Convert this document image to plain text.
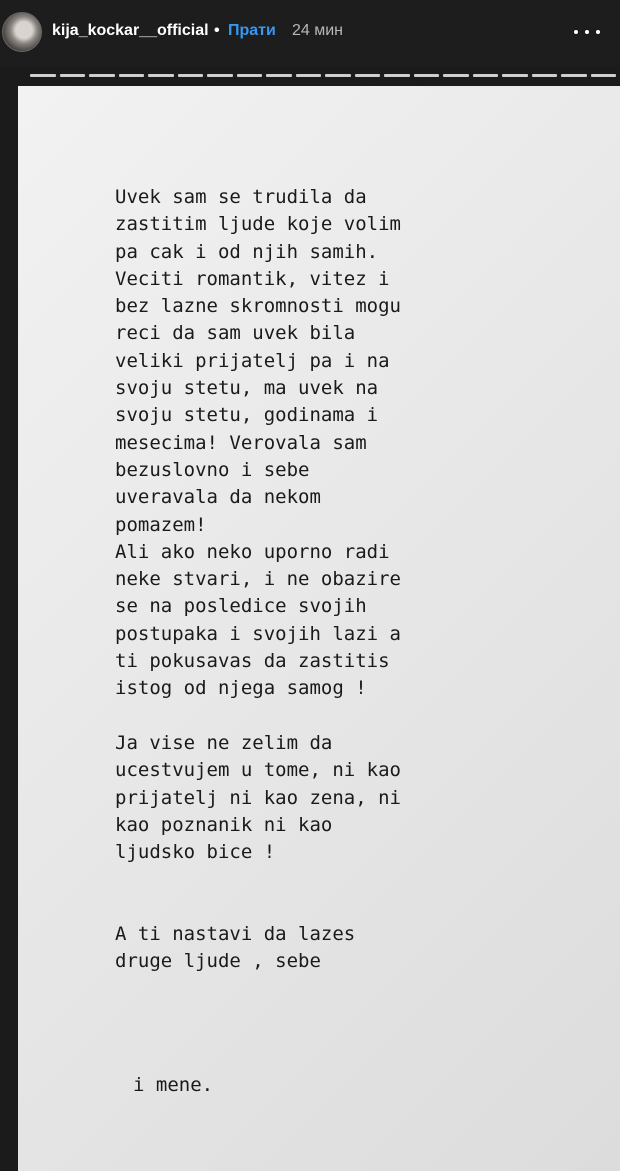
kija_kockar__official • Прати 24 мин
Uvek sam se trudila da
zastitim ljude koje volim
pa cak i od njih samih.
Veciti romantik, vitez i
bez lazne skromnosti mogu
reci da sam uvek bila
veliki prijatelj pa i na
svoju stetu, ma uvek na
svoju stetu, godinama i
mesecima! Verovala sam
bezuslovno i sebe
uveravala da nekom
pomazem!
Ali ako neko uporno radi
neke stvari, i ne obazire
se na posledice svojih
postupaka i svojih lazi a
ti pokusavas da zastitis
istog od njega samog !

Ja vise ne zelim da
ucestvujem u tome, ni kao
prijatelj ni kao zena, ni
kao poznanik ni kao
ljudsko bice !

A ti nastavi da lazes
druge ljude , sebe
i mene.
